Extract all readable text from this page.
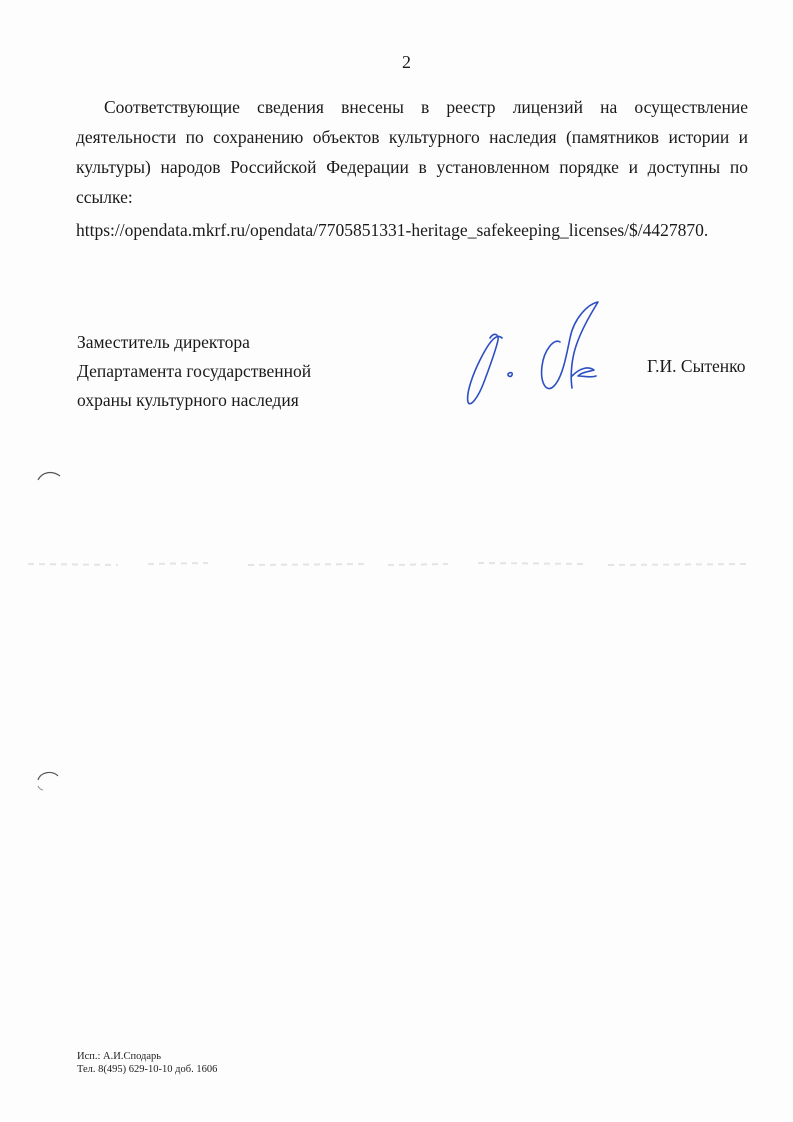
2

Соответствующие сведения внесены в реестр лицензий на осуществление деятельности по сохранению объектов культурного наследия (памятников истории и культуры) народов Российской Федерации в установленном порядке и доступны по ссылке:

https://opendata.mkrf.ru/opendata/7705851331-heritage_safekeeping_licenses/$/4427870.
Заместитель директора
Департамента государственной
охраны культурного наследия
Г.И. Сытенко
Исп.: А.И.Сподарь
Тел. 8(495) 629-10-10 доб. 1606
